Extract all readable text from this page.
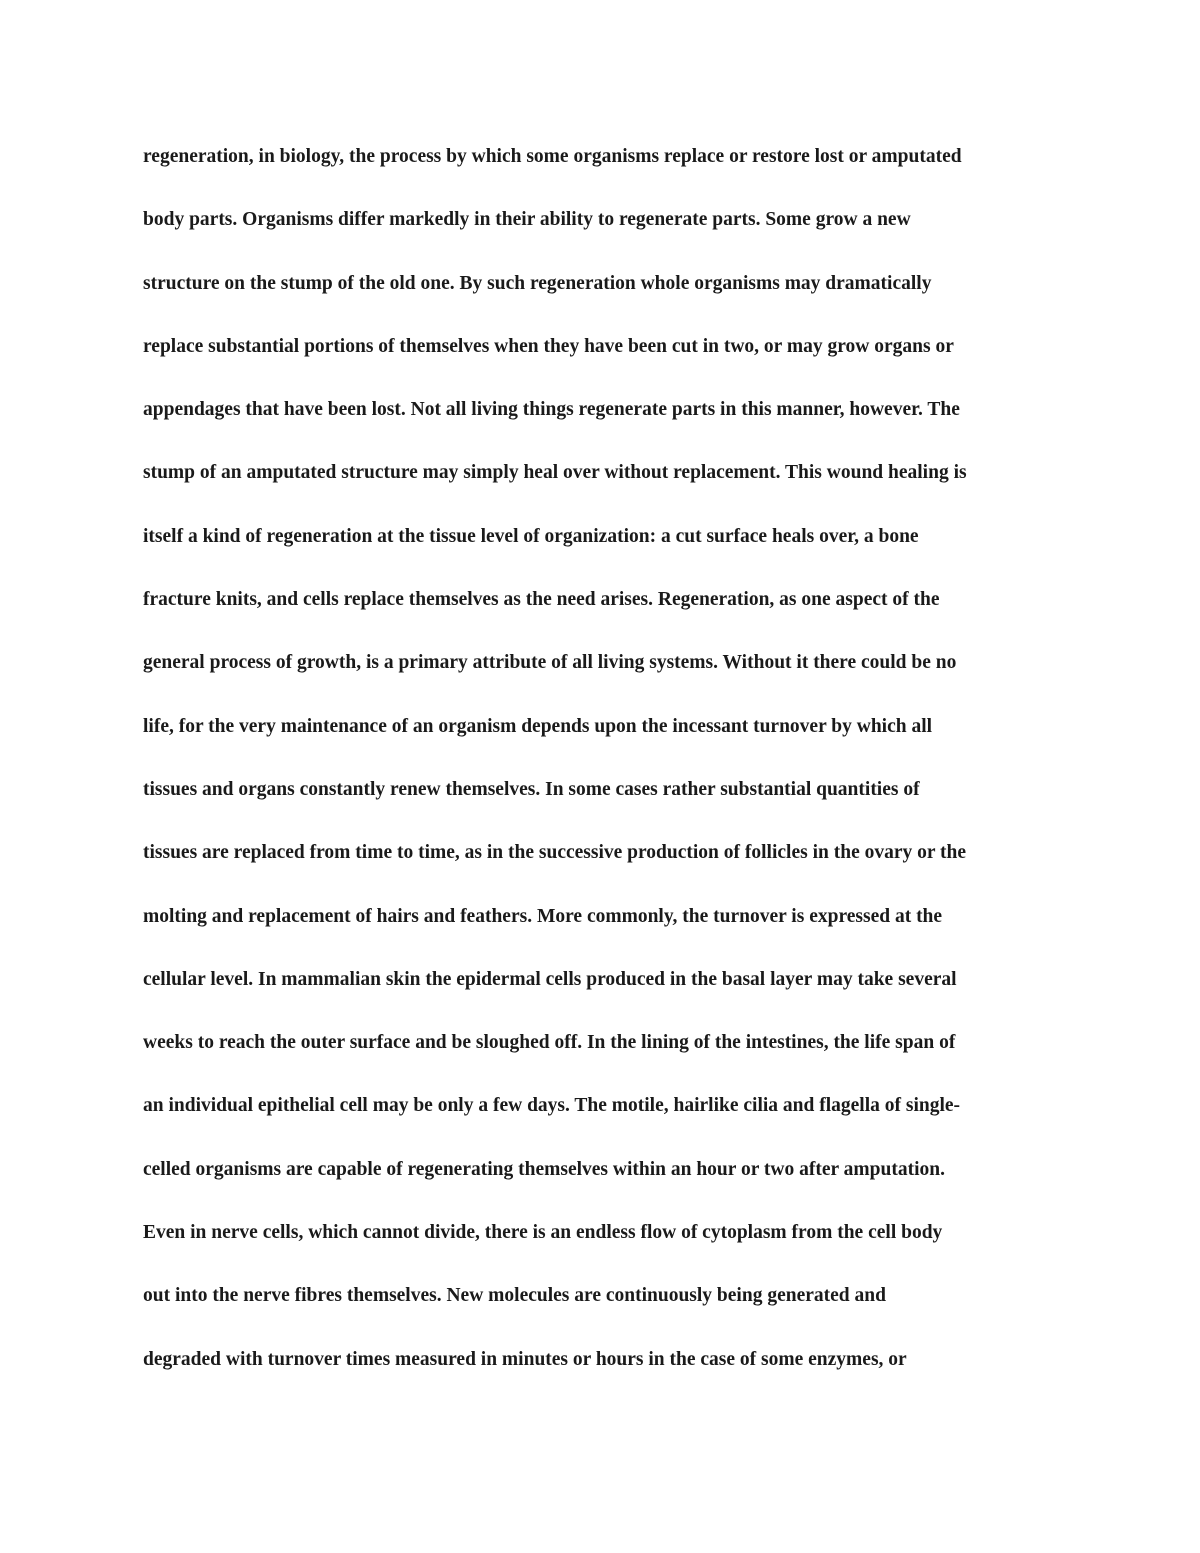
regeneration, in biology, the process by which some organisms replace or restore lost or amputated
body parts. Organisms differ markedly in their ability to regenerate parts. Some grow a new
structure on the stump of the old one. By such regeneration whole organisms may dramatically
replace substantial portions of themselves when they have been cut in two, or may grow organs or
appendages that have been lost. Not all living things regenerate parts in this manner, however. The
stump of an amputated structure may simply heal over without replacement. This wound healing is
itself a kind of regeneration at the tissue level of organization: a cut surface heals over, a bone
fracture knits, and cells replace themselves as the need arises. Regeneration, as one aspect of the
general process of growth, is a primary attribute of all living systems. Without it there could be no
life, for the very maintenance of an organism depends upon the incessant turnover by which all
tissues and organs constantly renew themselves. In some cases rather substantial quantities of
tissues are replaced from time to time, as in the successive production of follicles in the ovary or the
molting and replacement of hairs and feathers. More commonly, the turnover is expressed at the
cellular level. In mammalian skin the epidermal cells produced in the basal layer may take several
weeks to reach the outer surface and be sloughed off. In the lining of the intestines, the life span of
an individual epithelial cell may be only a few days. The motile, hairlike cilia and flagella of single-
celled organisms are capable of regenerating themselves within an hour or two after amputation.
Even in nerve cells, which cannot divide, there is an endless flow of cytoplasm from the cell body
out into the nerve fibres themselves. New molecules are continuously being generated and
degraded with turnover times measured in minutes or hours in the case of some enzymes, or
